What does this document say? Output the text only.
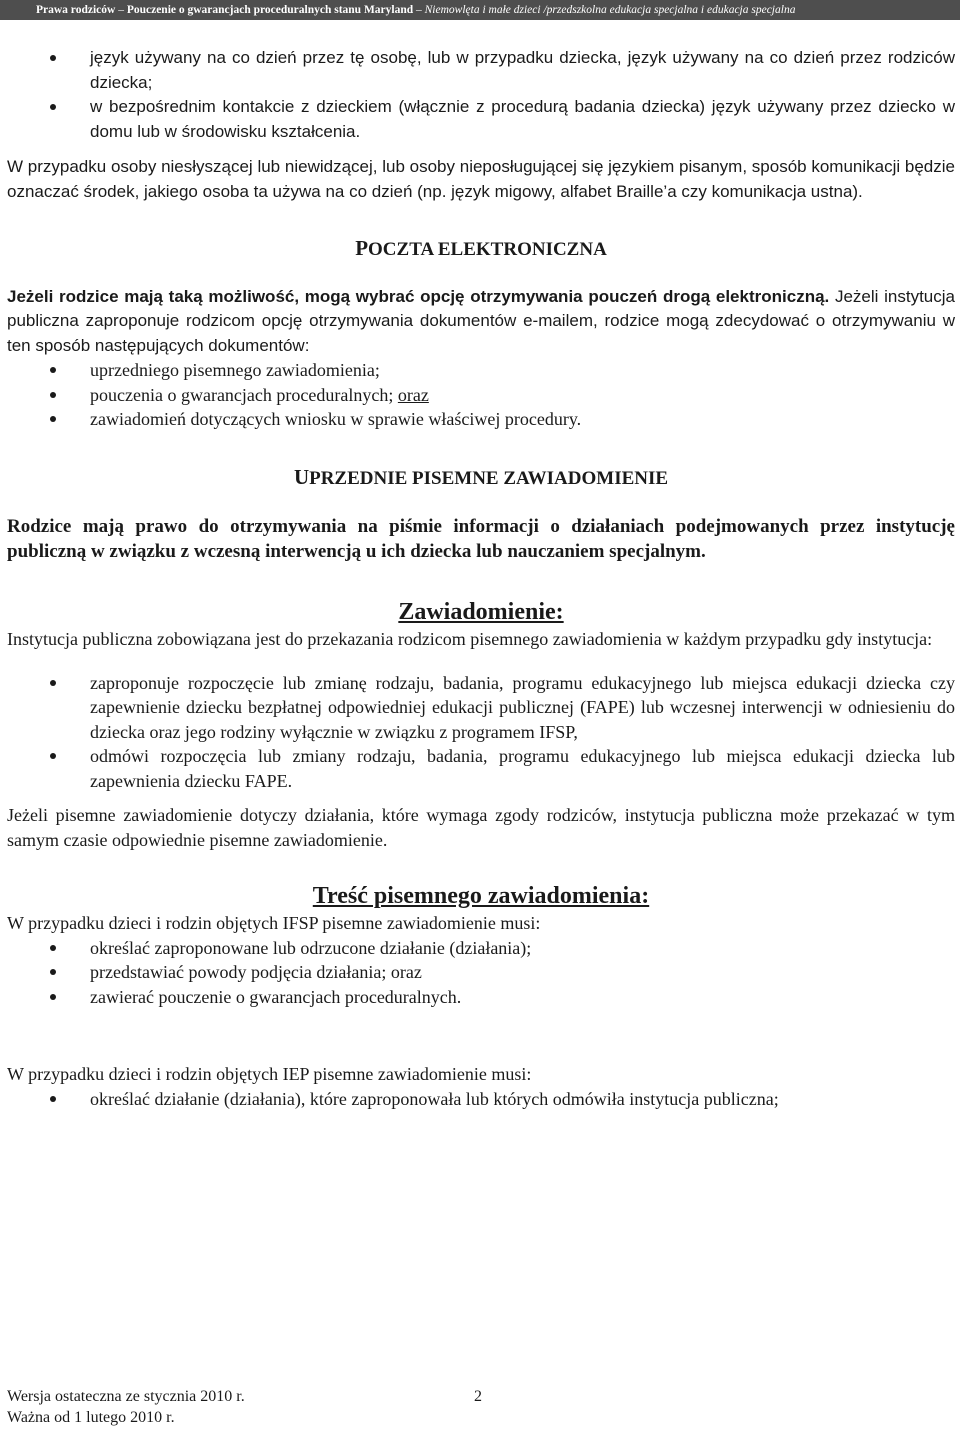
Prawa rodziców – Pouczenie o gwarancjach proceduralnych stanu Maryland – Niemowlęta i małe dzieci /przedszkolna edukacja specjalna i edukacja specjalna
język używany na co dzień przez tę osobę, lub w przypadku dziecka, język używany na co dzień przez rodziców dziecka;
w bezpośrednim kontakcie z dzieckiem (włącznie z procedurą badania dziecka) język używany przez dziecko w domu lub w środowisku kształcenia.

W przypadku osoby niesłyszącej lub niewidzącej, lub osoby nieposługującej się językiem pisanym, sposób komunikacji będzie oznaczać środek, jakiego osoba ta używa na co dzień (np. język migowy, alfabet Braille’a czy komunikacja ustna).

POCZTA ELEKTRONICZNA

Jeżeli rodzice mają taką możliwość, mogą wybrać opcję otrzymywania pouczeń drogą elektroniczną. Jeżeli instytucja publiczna zaproponuje rodzicom opcję otrzymywania dokumentów e-mailem, rodzice mogą zdecydować o otrzymywaniu w ten sposób następujących dokumentów:

uprzedniego pisemnego zawiadomienia;
pouczenia o gwarancjach proceduralnych; oraz
zawiadomień dotyczących wniosku w sprawie właściwej procedury.
UPRZEDNIE PISEMNE ZAWIADOMIENIE

Rodzice mają prawo do otrzymywania na piśmie informacji o działaniach podejmowanych przez instytucję publiczną w związku z wczesną interwencją u ich dziecka lub nauczaniem specjalnym.

Zawiadomienie:

Instytucja publiczna zobowiązana jest do przekazania rodzicom pisemnego zawiadomienia w każdym przypadku gdy instytucja:

zaproponuje rozpoczęcie lub zmianę rodzaju, badania, programu edukacyjnego lub miejsca edukacji dziecka czy zapewnienie dziecku bezpłatnej odpowiedniej edukacji publicznej (FAPE) lub wczesnej interwencji w odniesieniu do dziecka oraz jego rodziny wyłącznie w związku z programem IFSP,
odmówi rozpoczęcia lub zmiany rodzaju, badania, programu edukacyjnego lub miejsca edukacji dziecka lub zapewnienia dziecku FAPE.

Jeżeli pisemne zawiadomienie dotyczy działania, które wymaga zgody rodziców, instytucja publiczna może przekazać w tym samym czasie odpowiednie pisemne zawiadomienie.

Treść pisemnego zawiadomienia:

W przypadku dzieci i rodzin objętych IFSP pisemne zawiadomienie musi:

określać zaproponowane lub odrzucone działanie (działania);
przedstawiać powody podjęcia działania; oraz
zawierać pouczenie o gwarancjach proceduralnych.

W przypadku dzieci i rodzin objętych IEP pisemne zawiadomienie musi:

określać działanie (działania), które zaproponowała lub których odmówiła instytucja publiczna;
Wersja ostateczna ze stycznia 2010 r.
Ważna od 1 lutego 2010 r.
2
